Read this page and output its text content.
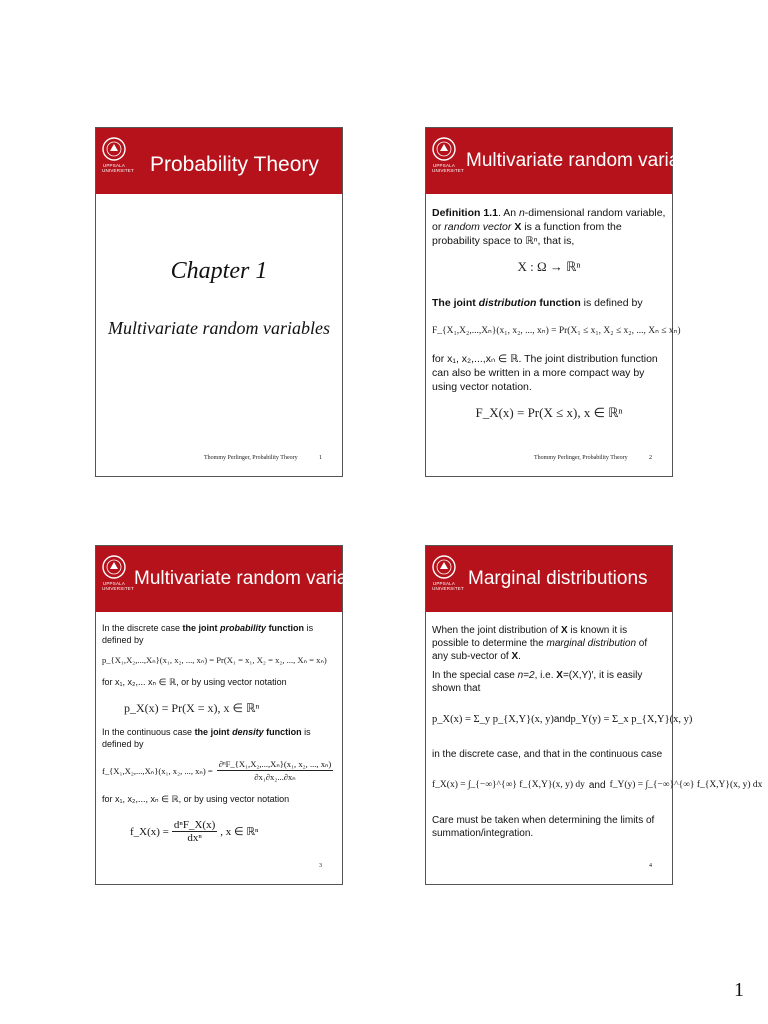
UPPSALA
UNIVERSITET Probability Theory
Chapter 1
Multivariate random variables
Thommy Perlinger, Probability Theory	1
UPPSALA
UNIVERSITET Multivariate random variables
Definition 1.1. An n-dimensional random variable, or random vector X is a function from the probability space to ℝⁿ, that is,
X : Ω → ℝⁿ
The joint distribution function is defined by
F_{X₁,X₂,...,Xₙ}(x₁, x₂, ..., xₙ) = Pr(X₁ ≤ x₁, X₂ ≤ x₂, ..., Xₙ ≤ xₙ)
for x₁, x₂,...,xₙ ∈ ℝ. The joint distribution function can also be written in a more compact way by using vector notation.
F_X(x) = Pr(X ≤ x), x ∈ ℝⁿ
Thommy Perlinger, Probability Theory	2
UPPSALA
UNIVERSITET Multivariate random variables
In the discrete case the joint probability function is defined by
p_{X₁,X₂,...,Xₙ}(x₁, x₂, ..., xₙ) = Pr(X₁ = x₁, X₂ = x₂, ..., Xₙ = xₙ)
for x₁, x₂,... xₙ ∈ ℝ, or by using vector notation
p_X(x) = Pr(X = x), x ∈ ℝⁿ
In the continuous case the joint density function is defined by
f_{X₁,X₂,...,Xₙ}(x₁, x₂, ..., $x_n) = \frac{\text{∂ⁿF\_\{X₁,X₂,...,Xₙ\}(x₁, x₂, ..., xₙ)}}{\text{∂x₁∂x₂...∂xₙ}}$
for x₁, x₂,..., xₙ ∈ ℝ, or by using vector notation
f_X(x) =
dⁿF_X(x)
dxⁿ
, x ∈ ℝⁿ
3
UPPSALA
UNIVERSITET Marginal distributions
When the joint distribution of X is known it is possible to determine the marginal distribution of any sub-vector of X.
In the special case n=2, i.e. X=(X,Y)′, it is easily shown that
p_X(x) = Σ_y p_{X,Y}(x, y) and p_Y(y) = Σ_x p_{X,Y}(x, y)
in the discrete case, and that in the continuous case
f_X(x) = ∫_{−∞}^{∞} f_{X,Y}(x, y) dy and f_Y(y) = ∫_{−∞}^{∞} f_{X,Y}(x, y) dx
Care must be taken when determining the limits of summation/integration.
4
1
